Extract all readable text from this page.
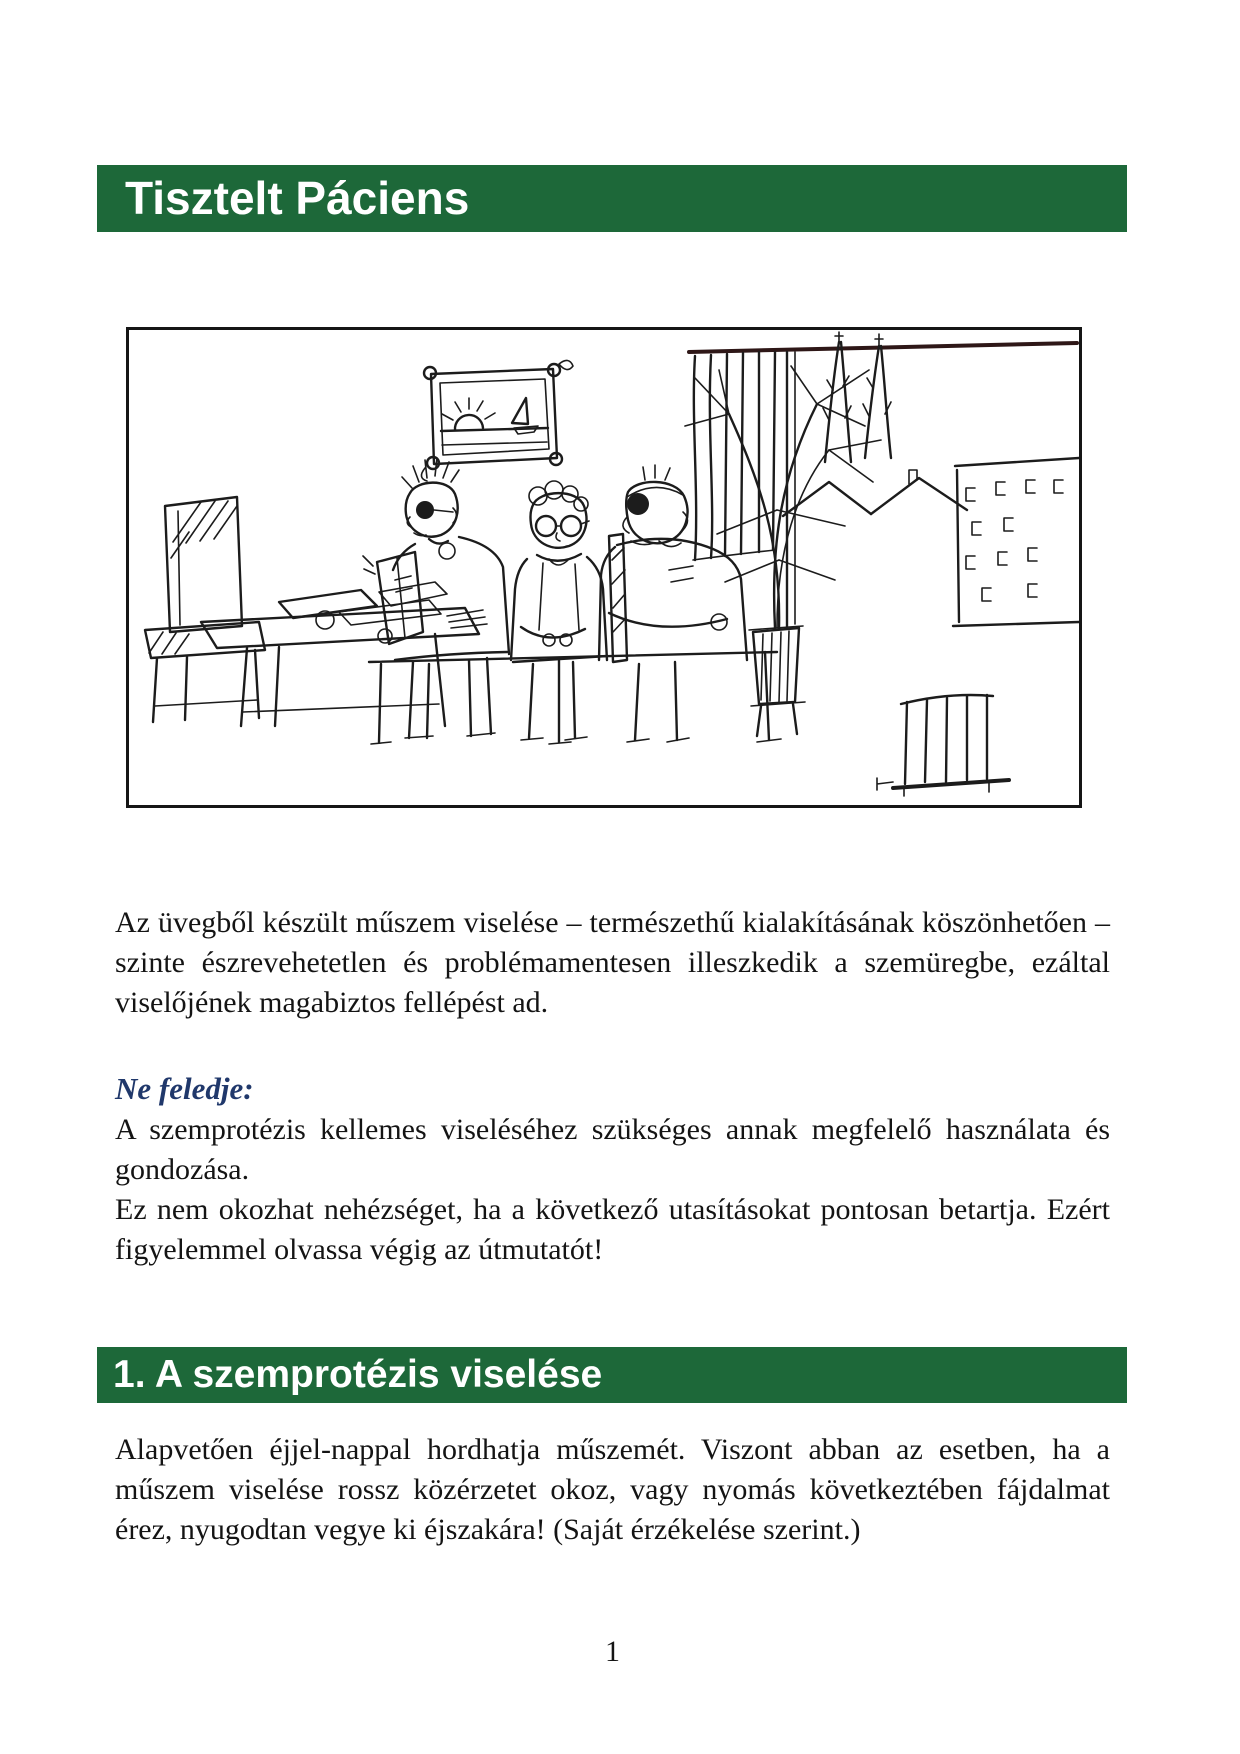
Tisztelt Páciens

Az üvegből készült műszem viselése – természethű kialakításának köszönhetően – szinte észrevehetetlen és problémamentesen illeszkedik a szemüregbe, ezáltal viselőjének magabiztos fellépést ad.

Ne feledje:

A szemprotézis kellemes viseléséhez szükséges annak megfelelő használata és gondozása.

Ez nem okozhat nehézséget, ha a következő utasításokat pontosan betartja. Ezért figyelemmel olvassa végig az útmutatót!

1. A szemprotézis viselése

Alapvetően éjjel-nappal hordhatja műszemét. Viszont abban az esetben, ha a műszem viselése rossz közérzetet okoz, vagy nyomás következtében fájdalmat érez, nyugodtan vegye ki éjszakára! (Saját érzékelése szerint.)

1
